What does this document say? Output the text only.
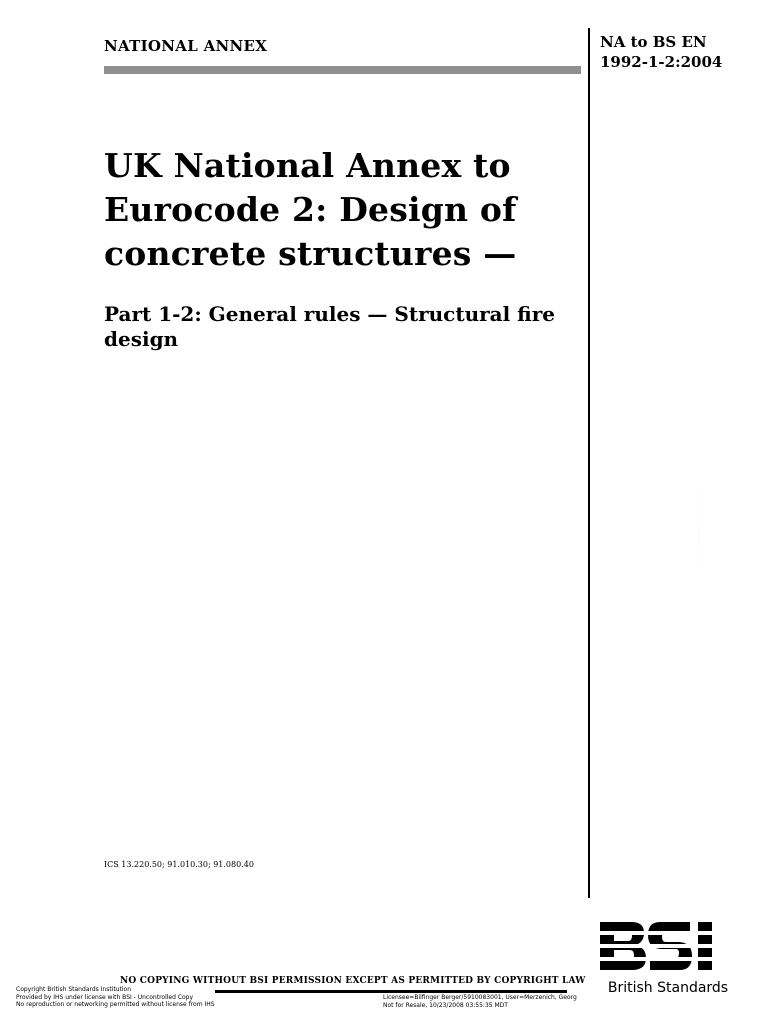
NATIONAL ANNEX	NA to BS EN
1992-1-2:2004
UK National Annex to
Eurocode 2: Design of
concrete structures —
Part 1-2: General rules — Structural fire
design
ICS 13.220.50; 91.010.30; 91.080.40
· · · · · · · · · · · · · · · · · · · · · · · · · · · ·
NO COPYING WITHOUT BSI PERMISSION EXCEPT AS PERMITTED BY COPYRIGHT LAW
Copyright British Standards Institution
Provided by IHS under license with BSI - Uncontrolled Copy
No reproduction or networking permitted without license from IHS
Licensee=Bilfinger Berger/5910083001, User=Merzenich, Georg
Not for Resale, 10/23/2008 03:55:35 MDT
British Standards
